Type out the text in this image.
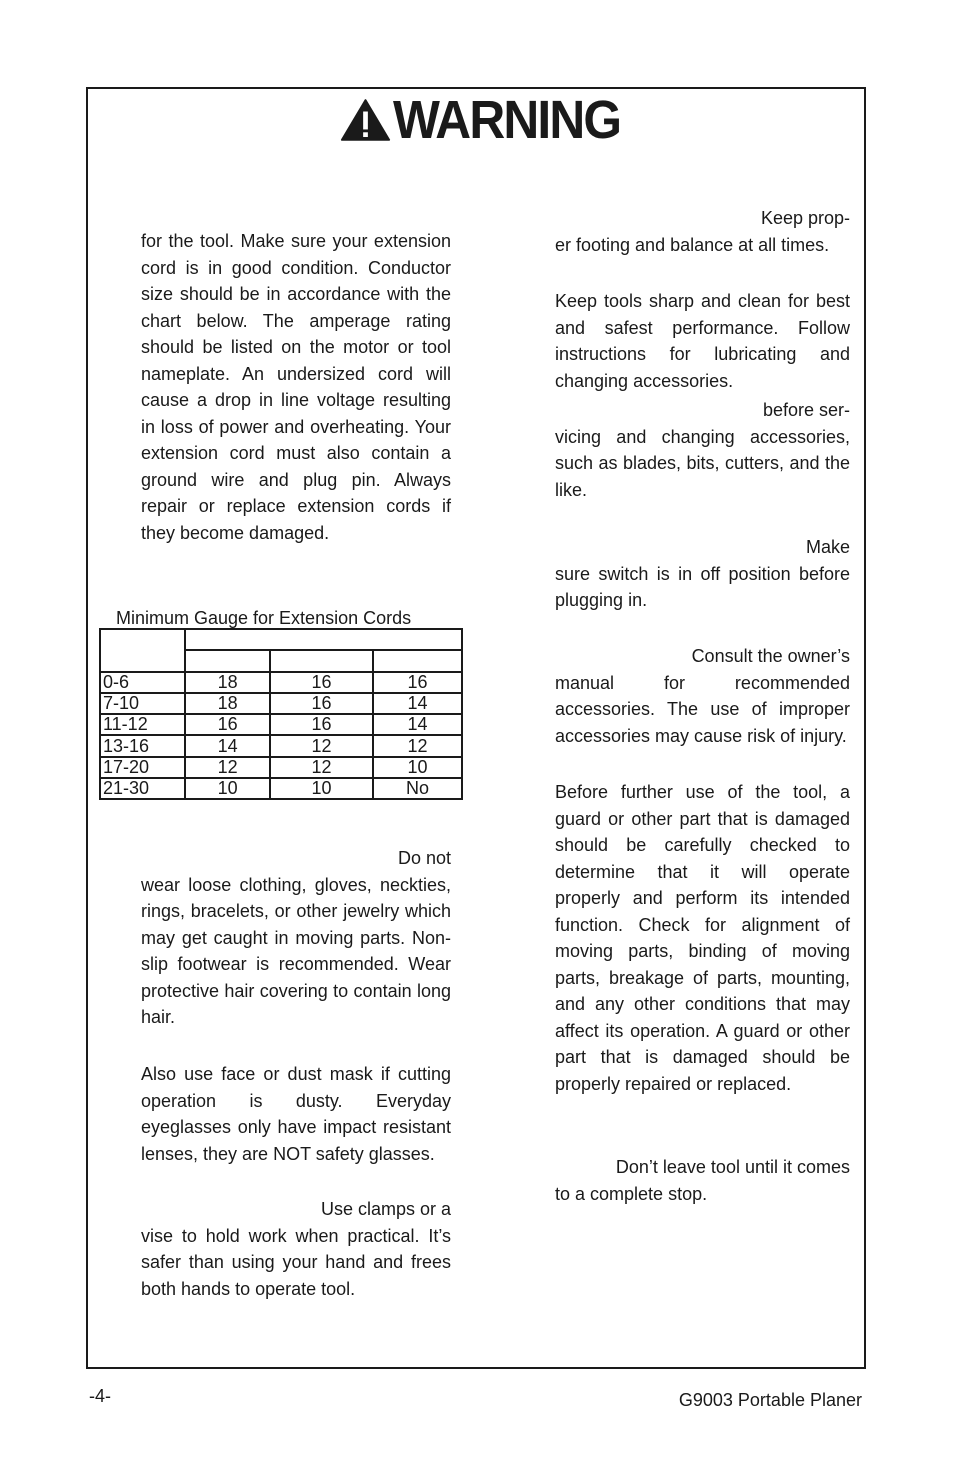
WARNING

for the tool. Make sure your extension cord is in good condition. Conductor size should be in accordance with the chart below. The amperage rating should be listed on the motor or tool nameplate. An undersized cord will cause a drop in line voltage resulting in loss of power and overheating. Your extension cord must also contain a ground wire and plug pin. Always repair or replace extension cords if they become damaged.

Minimum Gauge for Extension Cords

0-6	18	16	16
7-10	18	16	14
11-12	16	16	14
13-16	14	12	12
17-20	12	12	10
21-30	10	10	No

Do not
wear loose clothing, gloves, neckties, rings, bracelets, or other jewelry which may get caught in moving parts. Non-slip footwear is recommended. Wear protective hair covering to contain long hair.

Also use face or dust mask if cutting operation is dusty. Everyday eyeglasses only have impact resistant lenses, they are NOT safety glasses.

Use clamps or a
vise to hold work when practical. It’s safer than using your hand and frees both hands to operate tool.

Keep prop-
er footing and balance at all times.

Keep tools sharp and clean for best and safest performance. Follow instructions for lubricating and changing accessories.

before ser-
vicing and changing accessories, such as blades, bits, cutters, and the like.

Make
sure switch is in off position before plugging in.

Consult the owner’s
manual for recommended accessories. The use of improper accessories may cause risk of injury.

Before further use of the tool, a guard or other part that is damaged should be carefully checked to determine that it will operate properly and perform its intended function. Check for alignment of moving parts, binding of moving parts, breakage of parts, mounting, and any other conditions that may affect its operation. A guard or other part that is damaged should be properly repaired or replaced.

Don’t leave tool until it comes
to a complete stop.

-4-	G9003 Portable Planer
